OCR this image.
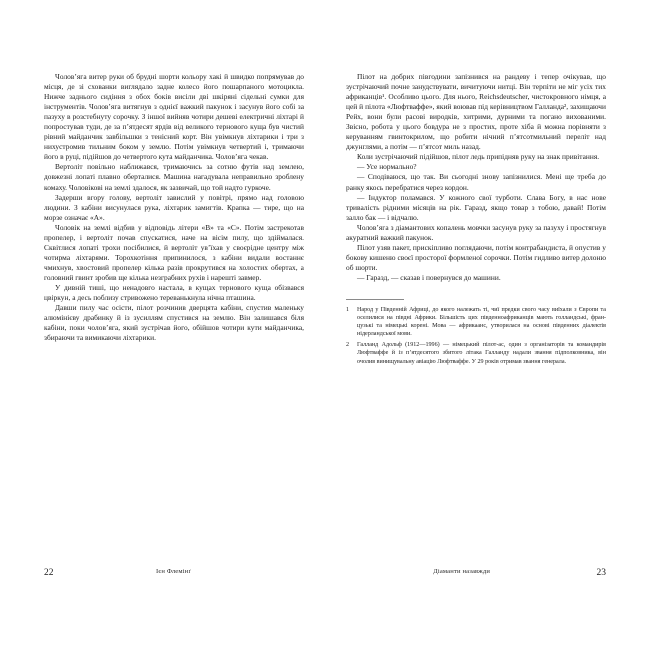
Чолов’яга витер руки об брудні шорти кольору хакі й швидко попрямував до місця, де зі схованки виглядало задне колесо його пошарпаного мотоцикла. Нижче заднього сидіння з обох боків висіли дві шкіряні сідельні сумки для інструментів. Чолов’яга витягнув з однієї важкий пакунок і засунув його собі за пазуху в розстебнуту сорочку. З іншої вийняв чотири дешеві електричні ліхтарі й попростував туди, де за п’ятдесят ярдів від великого тернового куща був чистий рівний майданчик завбільшки з тенісний корт. Він увімкнув ліхтарики і три з нихустромив тильним боком у землю. Потім увімкнув четвертий і, тримаючи його в руці, підійшов до четвертого кута майданчика. Чолов’яга чекав.

Вертоліт повільно наближався, тримаючись за сотню футів над землею, довжезні лопаті плавно оберталися. Машина нагадувала неправильно зроблену комаху. Чоловікові на землі здалося, як зазвичай, що той надто гуркоче.

Задерши вгору голову, вертоліт завислий у повітрі, прямо над головою людини. З кабіни висунулася рука, ліхтарик замигтів. Крапка — тире, що на морзе означає «А».

Чоловік на землі відбив у відповідь літери «В» та «С». Потім застрекотав пропелер, і вертоліт почав спускатися, наче на вісім пилу, що здіймалася. Сквітлися лопаті трохи посібилися, й вертоліт ув’їхав у своєрідне центру між чотирма ліхтарями. Торохкотіння припинилося, з кабіни видали востаннє чмихнув, хвостовий пропелер кілька разів прокрутився на холостих обертах, а головний гвинт зробив ще кілька незграбних рухів і нарешті завмер.

У дивній тиші, що ненадовго настала, в кущах тернового куща обізвався цвіркун, а десь поблизу стривожено тереванькнула нічна пташина.

Давши пилу час осісти, пілот розчинив дверцята кабіни, спустив маленьку алюмінієву драбинку й із зусиллям спустився на землю. Він залишався біля кабіни, поки чолов’яга, який зустрічав його, обійшов чотири кути майданчика, збираючи та вимикаючи ліхтарики.

Пілот на добрих півгодини запізнився на рандеву і тепер очікував, що зустрічаючий почне занудствувати, вичитуючи нитці. Він терпіти не міг усіх тих африканців¹. Особливо цього. Для нього, Reichsdeutscher, чистокровного німця, а цей й пілота «Люфтваффе», який воював під керівництвом Галланда², захищаючи Рейх, вони були расові виродків, хитрими, дурними та погано вихованими. Звісно, робота у цього бовдура не з простих, проте хіба й можна порівняти з керуванням гвинтокрилом, що робити нічний п’ятсотмильний переліт над джунглями, а потім — п’ятсот миль назад.

Коли зустрічаючий підійшов, пілот ледь припідняв руку на знак привітання.

— Усе нормально?

— Сподіваюся, що так. Ви сьогодні знову запізнилися. Мені ще треба до ранку якось перебратися через кордон.

— Індуктор поламався. У кожного свої турботи. Слава Богу, в нас нове тривалість рідними місяців на рік. Гаразд, якщо товар з тобою, давай! Потім залло бак — і відчалю.

Чолов’яга з діамантових копалень мовчки засунув руку за пазуху і простягнув акуратний важкий пакунок.

Пілот узяв пакет, прискіпливо поглядаючи, потім контрабандиста, й опустив у бокову кишеню своєї просторої формленої сорочки. Потім гидливо витер долоню об шорти.

— Гаразд, — сказав і повернувся до машини.

1	Народ у Південній Африці, до якого належать ті, чиї предки свого часу виїхали з Європи та оселилися на півдні Африки. Більшість цих південноафриканців мають голландські, французькі та німецькі корені. Мова — африкаанс, утворилася на основі південних діалектів нідерландської мови.
2	Галланд Адольф (1912—1996) — німецький пілот-ас, один з організаторів та командирів Люфтваффе й із п’ятдесятого збитого літака Галланду надали звання підполковника, він очолив винищувальну авіацію Люфтваффе. У 29 років отримав звання генерала.
22	Ієн Флемінґ	Діаманти назавжди	23
